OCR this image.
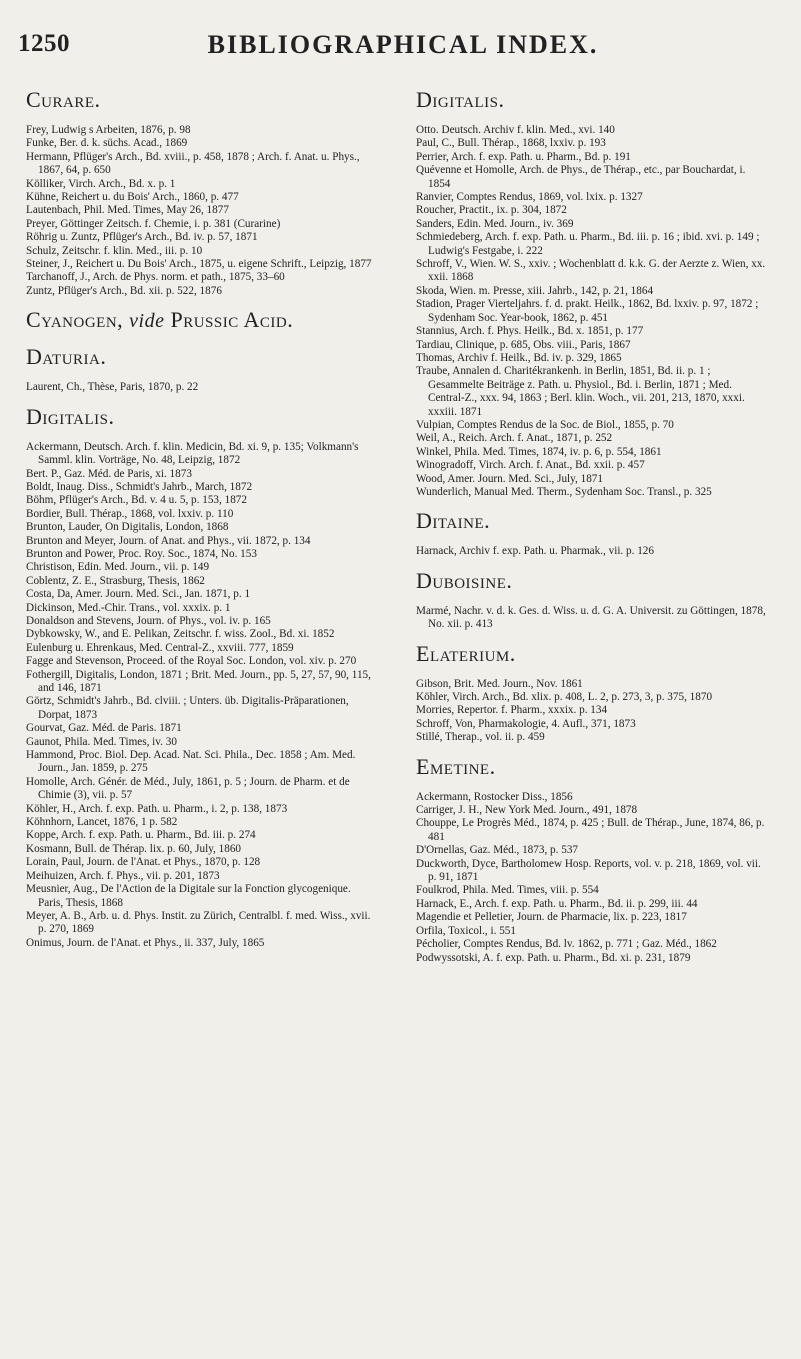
1250	BIBLIOGRAPHICAL INDEX.
Curare.
Frey, Ludwig s Arbeiten, 1876, p. 98
Funke, Ber. d. k. süchs. Acad., 1869
Hermann, Pflüger's Arch., Bd. xviii., p. 458, 1878 ; Arch. f. Anat. u. Phys., 1867, 64, p. 650
Kölliker, Virch. Arch., Bd. x. p. 1
Kühne, Reichert u. du Bois' Arch., 1860, p. 477
Lautenbach, Phil. Med. Times, May 26, 1877
Preyer, Göttinger Zeitsch. f. Chemie, i. p. 381 (Curarine)
Röhrig u. Zuntz, Pflüger's Arch., Bd. iv. p. 57, 1871
Schulz, Zeitschr. f. klin. Med., iii. p. 10
Steiner, J., Reichert u. Du Bois' Arch., 1875, u. eigene Schrift., Leipzig, 1877
Tarchanoff, J., Arch. de Phys. norm. et path., 1875, 33–60
Zuntz, Pflüger's Arch., Bd. xii. p. 522, 1876
Cyanogen, vide Prussic Acid.
Daturia.
Laurent, Ch., Thèse, Paris, 1870, p. 22
Digitalis.
Ackermann, Deutsch. Arch. f. klin. Medicin, Bd. xi. 9, p. 135; Volkmann's Samml. klin. Vorträge, No. 48, Leipzig, 1872
Bert. P., Gaz. Méd. de Paris, xi. 1873
Boldt, Inaug. Diss., Schmidt's Jahrb., March, 1872
Böhm, Pflüger's Arch., Bd. v. 4 u. 5, p. 153, 1872
Bordier, Bull. Thérap., 1868, vol. lxxiv. p. 110
Brunton, Lauder, On Digitalis, London, 1868
Brunton and Meyer, Journ. of Anat. and Phys., vii. 1872, p. 134
Brunton and Power, Proc. Roy. Soc., 1874, No. 153
Christison, Edin. Med. Journ., vii. p. 149
Coblentz, Z. E., Strasburg, Thesis, 1862
Costa, Da, Amer. Journ. Med. Sci., Jan. 1871, p. 1
Dickinson, Med.-Chir. Trans., vol. xxxix. p. 1
Donaldson and Stevens, Journ. of Phys., vol. iv. p. 165
Dybkowsky, W., and E. Pelikan, Zeitschr. f. wiss. Zool., Bd. xi. 1852
Eulenburg u. Ehrenkaus, Med. Central-Z., xxviii. 777, 1859
Fagge and Stevenson, Proceed. of the Royal Soc. London, vol. xiv. p. 270
Fothergill, Digitalis, London, 1871 ; Brit. Med. Journ., pp. 5, 27, 57, 90, 115, and 146, 1871
Görtz, Schmidt's Jahrb., Bd. clviii. ; Unters. üb. Digitalis-Präparationen, Dorpat, 1873
Gourvat, Gaz. Méd. de Paris. 1871
Gaunot, Phila. Med. Times, iv. 30
Hammond, Proc. Biol. Dep. Acad. Nat. Sci. Phila., Dec. 1858 ; Am. Med. Journ., Jan. 1859, p. 275
Homolle, Arch. Génér. de Méd., July, 1861, p. 5 ; Journ. de Pharm. et de Chimie (3), vii. p. 57
Köhler, H., Arch. f. exp. Path. u. Pharm., i. 2, p. 138, 1873
Köhnhorn, Lancet, 1876, 1 p. 582
Koppe, Arch. f. exp. Path. u. Pharm., Bd. iii. p. 274
Kosmann, Bull. de Thérap. lix. p. 60, July, 1860
Lorain, Paul, Journ. de l'Anat. et Phys., 1870, p. 128
Meihuizen, Arch. f. Phys., vii. p. 201, 1873
Meusnier, Aug., De l'Action de la Digitale sur la Fonction glycogenique. Paris, Thesis, 1868
Meyer, A. B., Arb. u. d. Phys. Instit. zu Zürich, Centralbl. f. med. Wiss., xvii. p. 270, 1869
Onimus, Journ. de l'Anat. et Phys., ii. 337, July, 1865
Digitalis.
Otto. Deutsch. Archiv f. klin. Med., xvi. 140
Paul, C., Bull. Thérap., 1868, lxxiv. p. 193
Perrier, Arch. f. exp. Path. u. Pharm., Bd. p. 191
Quévenne et Homolle, Arch. de Phys., de Thérap., etc., par Bouchardat, i. 1854
Ranvier, Comptes Rendus, 1869, vol. lxix. p. 1327
Roucher, Practit., ix. p. 304, 1872
Sanders, Edin. Med. Journ., iv. 369
Schmiedeberg, Arch. f. exp. Path. u. Pharm., Bd. iii. p. 16 ; ibid. xvi. p. 149 ; Ludwig's Festgabe, i. 222
Schroff, V., Wien. W. S., xxiv. ; Wochenblatt d. k.k. G. der Aerzte z. Wien, xx. xxii. 1868
Skoda, Wien. m. Presse, xiii. Jahrb., 142, p. 21, 1864
Stadion, Prager Vierteljahrs. f. d. prakt. Heilk., 1862, Bd. lxxiv. p. 97, 1872 ; Sydenham Soc. Year-book, 1862, p. 451
Stannius, Arch. f. Phys. Heilk., Bd. x. 1851, p. 177
Tardiau, Clinique, p. 685, Obs. viii., Paris, 1867
Thomas, Archiv f. Heilk., Bd. iv. p. 329, 1865
Traube, Annalen d. Charitékrankenh. in Berlin, 1851, Bd. ii. p. 1 ; Gesammelte Beiträge z. Path. u. Physiol., Bd. i. Berlin, 1871 ; Med. Central-Z., xxx. 94, 1863 ; Berl. klin. Woch., vii. 201, 213, 1870, xxxi. xxxiii. 1871
Vulpian, Comptes Rendus de la Soc. de Biol., 1855, p. 70
Weil, A., Reich. Arch. f. Anat., 1871, p. 252
Winkel, Phila. Med. Times, 1874, iv. p. 6, p. 554, 1861
Winogradoff, Virch. Arch. f. Anat., Bd. xxii. p. 457
Wood, Amer. Journ. Med. Sci., July, 1871
Wunderlich, Manual Med. Therm., Sydenham Soc. Transl., p. 325
Ditaine.
Harnack, Archiv f. exp. Path. u. Pharmak., vii. p. 126
Duboisine.
Marmé, Nachr. v. d. k. Ges. d. Wiss. u. d. G. A. Universit. zu Göttingen, 1878, No. xii. p. 413
Elaterium.
Gibson, Brit. Med. Journ., Nov. 1861
Köhler, Virch. Arch., Bd. xlix. p. 408, L. 2, p. 273, 3, p. 375, 1870
Morries, Repertor. f. Pharm., xxxix. p. 134
Schroff, Von, Pharmakologie, 4. Aufl., 371, 1873
Stillé, Therap., vol. ii. p. 459
Emetine.
Ackermann, Rostocker Diss., 1856
Carriger, J. H., New York Med. Journ., 491, 1878
Chouppe, Le Progrès Méd., 1874, p. 425 ; Bull. de Thérap., June, 1874, 86, p. 481
D'Ornellas, Gaz. Méd., 1873, p. 537
Duckworth, Dyce, Bartholomew Hosp. Reports, vol. v. p. 218, 1869, vol. vii. p. 91, 1871
Foulkrod, Phila. Med. Times, viii. p. 554
Harnack, E., Arch. f. exp. Path. u. Pharm., Bd. ii. p. 299, iii. 44
Magendie et Pelletier, Journ. de Pharmacie, lix. p. 223, 1817
Orfila, Toxicol., i. 551
Pécholier, Comptes Rendus, Bd. lv. 1862, p. 771 ; Gaz. Méd., 1862
Podwyssotski, A. f. exp. Path. u. Pharm., Bd. xi. p. 231, 1879
